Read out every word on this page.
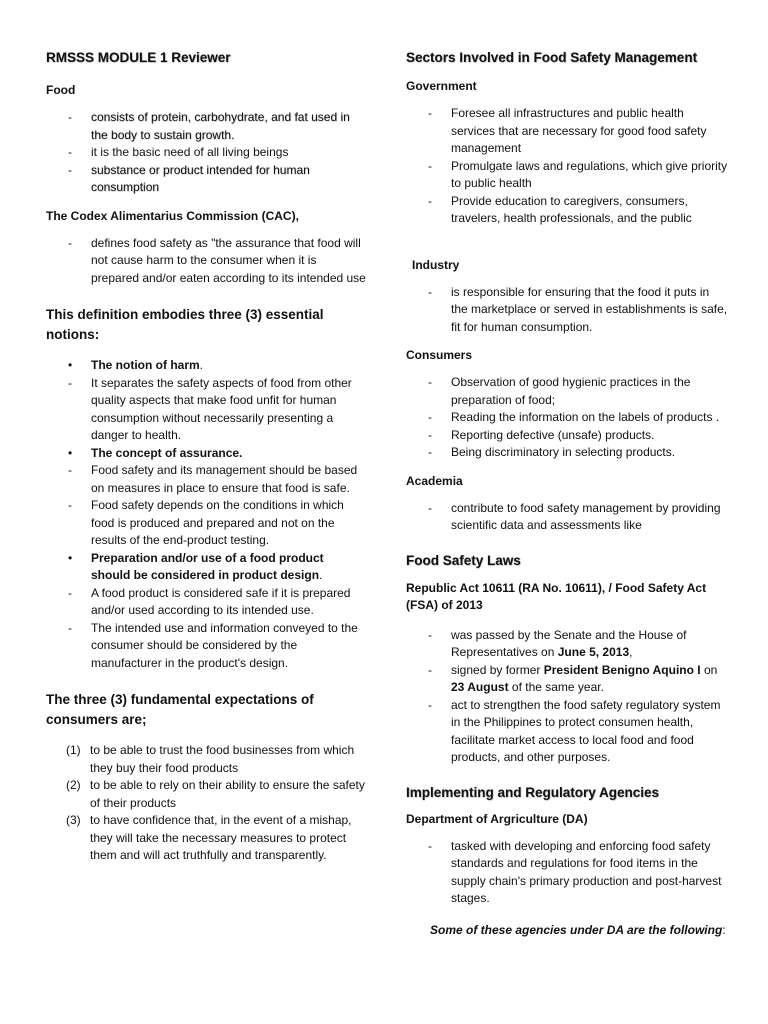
RMSSS MODULE 1 Reviewer
Food
- consists of protein, carbohydrate, and fat used in the body to sustain growth.
- it is the basic need of all living beings
- substance or product intended for human consumption
The Codex Alimentarius Commission (CAC),
- defines food safety as "the assurance that food will not cause harm to the consumer when it is prepared and/or eaten according to its intended use
This definition embodies three (3) essential notions:
• The notion of harm.
- It separates the safety aspects of food from other quality aspects that make food unfit for human consumption without necessarily presenting a danger to health.
• The concept of assurance.
- Food safety and its management should be based on measures in place to ensure that food is safe.
- Food safety depends on the conditions in which food is produced and prepared and not on the results of the end-product testing.
• Preparation and/or use of a food product should be considered in product design.
- A food product is considered safe if it is prepared and/or used according to its intended use.
- The intended use and information conveyed to the consumer should be considered by the manufacturer in the product's design.
The three (3) fundamental expectations of consumers are;
(1) to be able to trust the food businesses from which they buy their food products
(2) to be able to rely on their ability to ensure the safety of their products
(3) to have confidence that, in the event of a mishap, they will take the necessary measures to protect them and will act truthfully and transparently.
Sectors Involved in Food Safety Management
Government
- Foresee all infrastructures and public health services that are necessary for good food safety management
- Promulgate laws and regulations, which give priority to public health
- Provide education to caregivers, consumers, travelers, health professionals, and the public
Industry
- is responsible for ensuring that the food it puts in the marketplace or served in establishments is safe, fit for human consumption.
Consumers
- Observation of good hygienic practices in the preparation of food;
- Reading the information on the labels of products .
- Reporting defective (unsafe) products.
- Being discriminatory in selecting products.
Academia
- contribute to food safety management by providing scientific data and assessments like
Food Safety Laws
Republic Act 10611 (RA No. 10611), / Food Safety Act (FSA) of 2013
- was passed by the Senate and the House of Representatives on June 5, 2013,
- signed by former President Benigno Aquino I on 23 August of the same year.
- act to strengthen the food safety regulatory system in the Philippines to protect consumen health, facilitate market access to local food and food products, and other purposes.
Implementing and Regulatory Agencies
Department of Argriculture (DA)
- tasked with developing and enforcing food safety standards and regulations for food items in the supply chain's primary production and post-harvest stages.
Some of these agencies under DA are the following:
